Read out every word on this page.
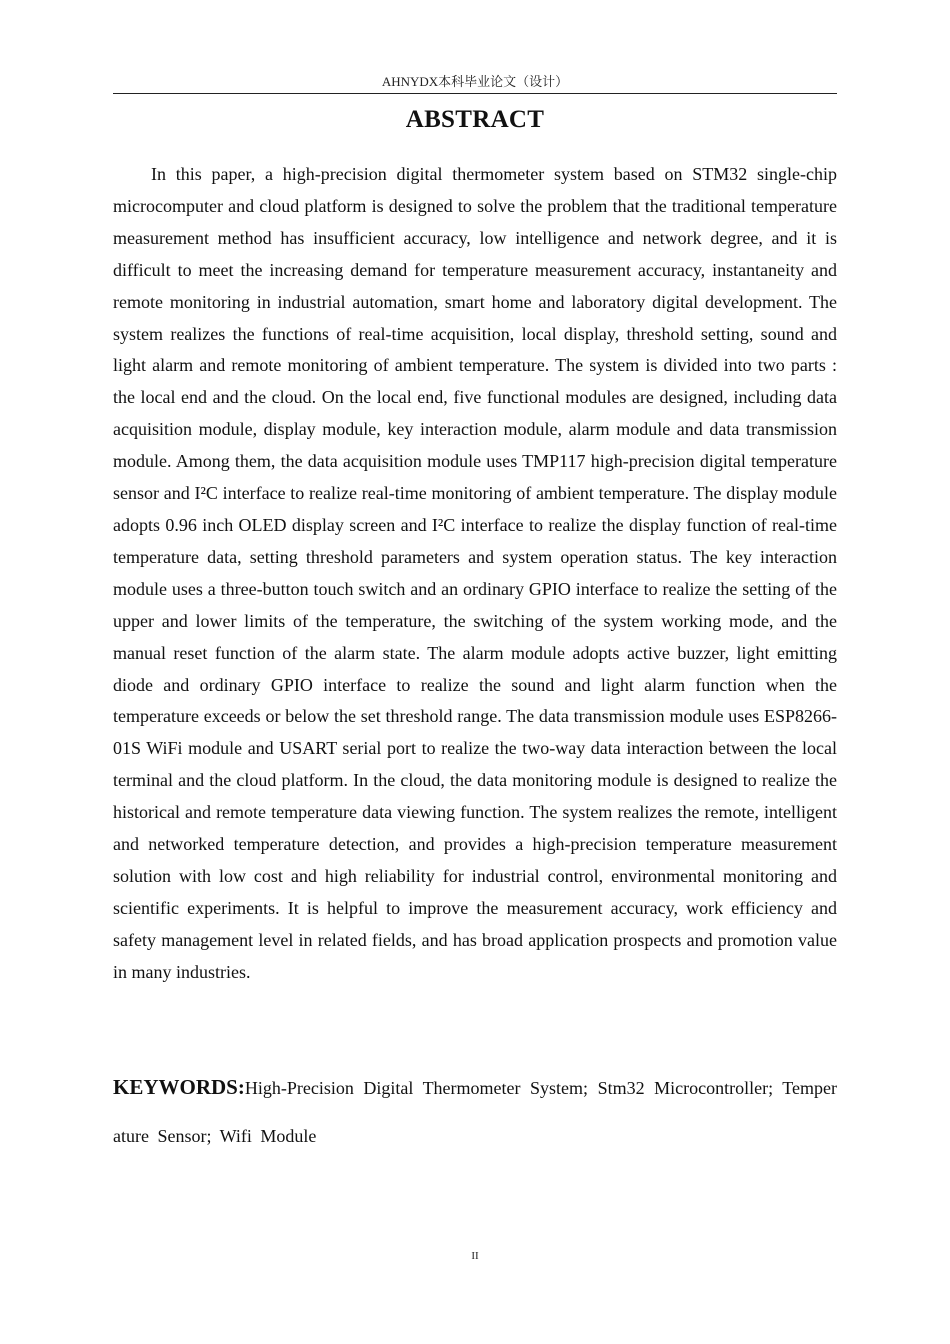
AHNYDX本科毕业论文（设计）
ABSTRACT

In this paper, a high-precision digital thermometer system based on STM32 single-chip microcomputer and cloud platform is designed to solve the problem that the traditional temperature measurement method has insufficient accuracy, low intelligence and network degree, and it is difficult to meet the increasing demand for temperature measurement accuracy, instantaneity and remote monitoring in industrial automation, smart home and laboratory digital development. The system realizes the functions of real-time acquisition, local display, threshold setting, sound and light alarm and remote monitoring of ambient temperature. The system is divided into two parts : the local end and the cloud. On the local end, five functional modules are designed, including data acquisition module, display module, key interaction module, alarm module and data transmission module. Among them, the data acquisition module uses TMP117 high-precision digital temperature sensor and I²C interface to realize real-time monitoring of ambient temperature. The display module adopts 0.96 inch OLED display screen and I²C interface to realize the display function of real-time temperature data, setting threshold parameters and system operation status. The key interaction module uses a three-button touch switch and an ordinary GPIO interface to realize the setting of the upper and lower limits of the temperature, the switching of the system working mode, and the manual reset function of the alarm state. The alarm module adopts active buzzer, light emitting diode and ordinary GPIO interface to realize the sound and light alarm function when the temperature exceeds or below the set threshold range. The data transmission module uses ESP8266-01S WiFi module and USART serial port to realize the two-way data interaction between the local terminal and the cloud platform. In the cloud, the data monitoring module is designed to realize the historical and remote temperature data viewing function. The system realizes the remote, intelligent and networked temperature detection, and provides a high-precision temperature measurement solution with low cost and high reliability for industrial control, environmental monitoring and scientific experiments. It is helpful to improve the measurement accuracy, work efficiency and safety management level in related fields, and has broad application prospects and promotion value in many industries.

KEYWORDS:High-Precision Digital Thermometer System; Stm32 Microcontroller; Temperature Sensor; Wifi Module

II
